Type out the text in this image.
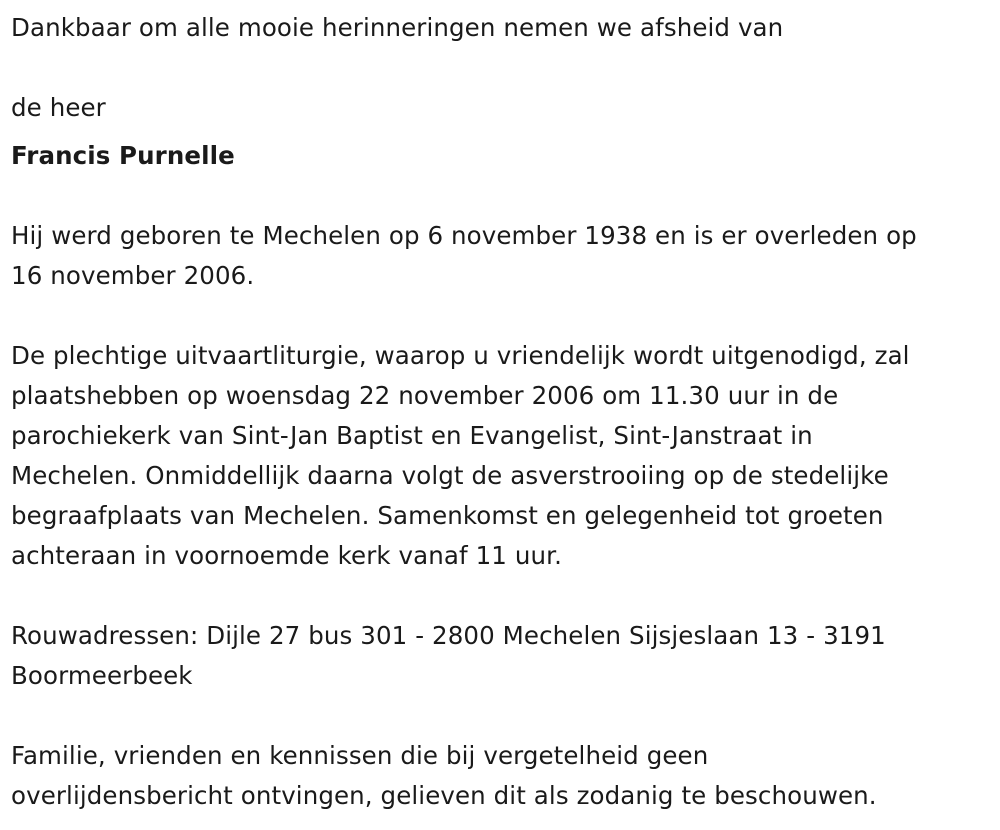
Dankbaar om alle mooie herinneringen nemen we afsheid van

de heer

Francis Purnelle

Hij werd geboren te Mechelen op 6 november 1938 en is er overleden op

16 november 2006.

De plechtige uitvaartliturgie, waarop u vriendelijk wordt uitgenodigd, zal

plaatshebben op woensdag 22 november 2006 om 11.30 uur in de

parochiekerk van Sint-Jan Baptist en Evangelist, Sint-Janstraat in

Mechelen. Onmiddellijk daarna volgt de asverstrooiing op de stedelijke

begraafplaats van Mechelen. Samenkomst en gelegenheid tot groeten

achteraan in voornoemde kerk vanaf 11 uur.

Rouwadressen: Dijle 27 bus 301 - 2800 Mechelen Sijsjeslaan 13 - 3191

Boormeerbeek

Familie, vrienden en kennissen die bij vergetelheid geen

overlijdensbericht ontvingen, gelieven dit als zodanig te beschouwen.
